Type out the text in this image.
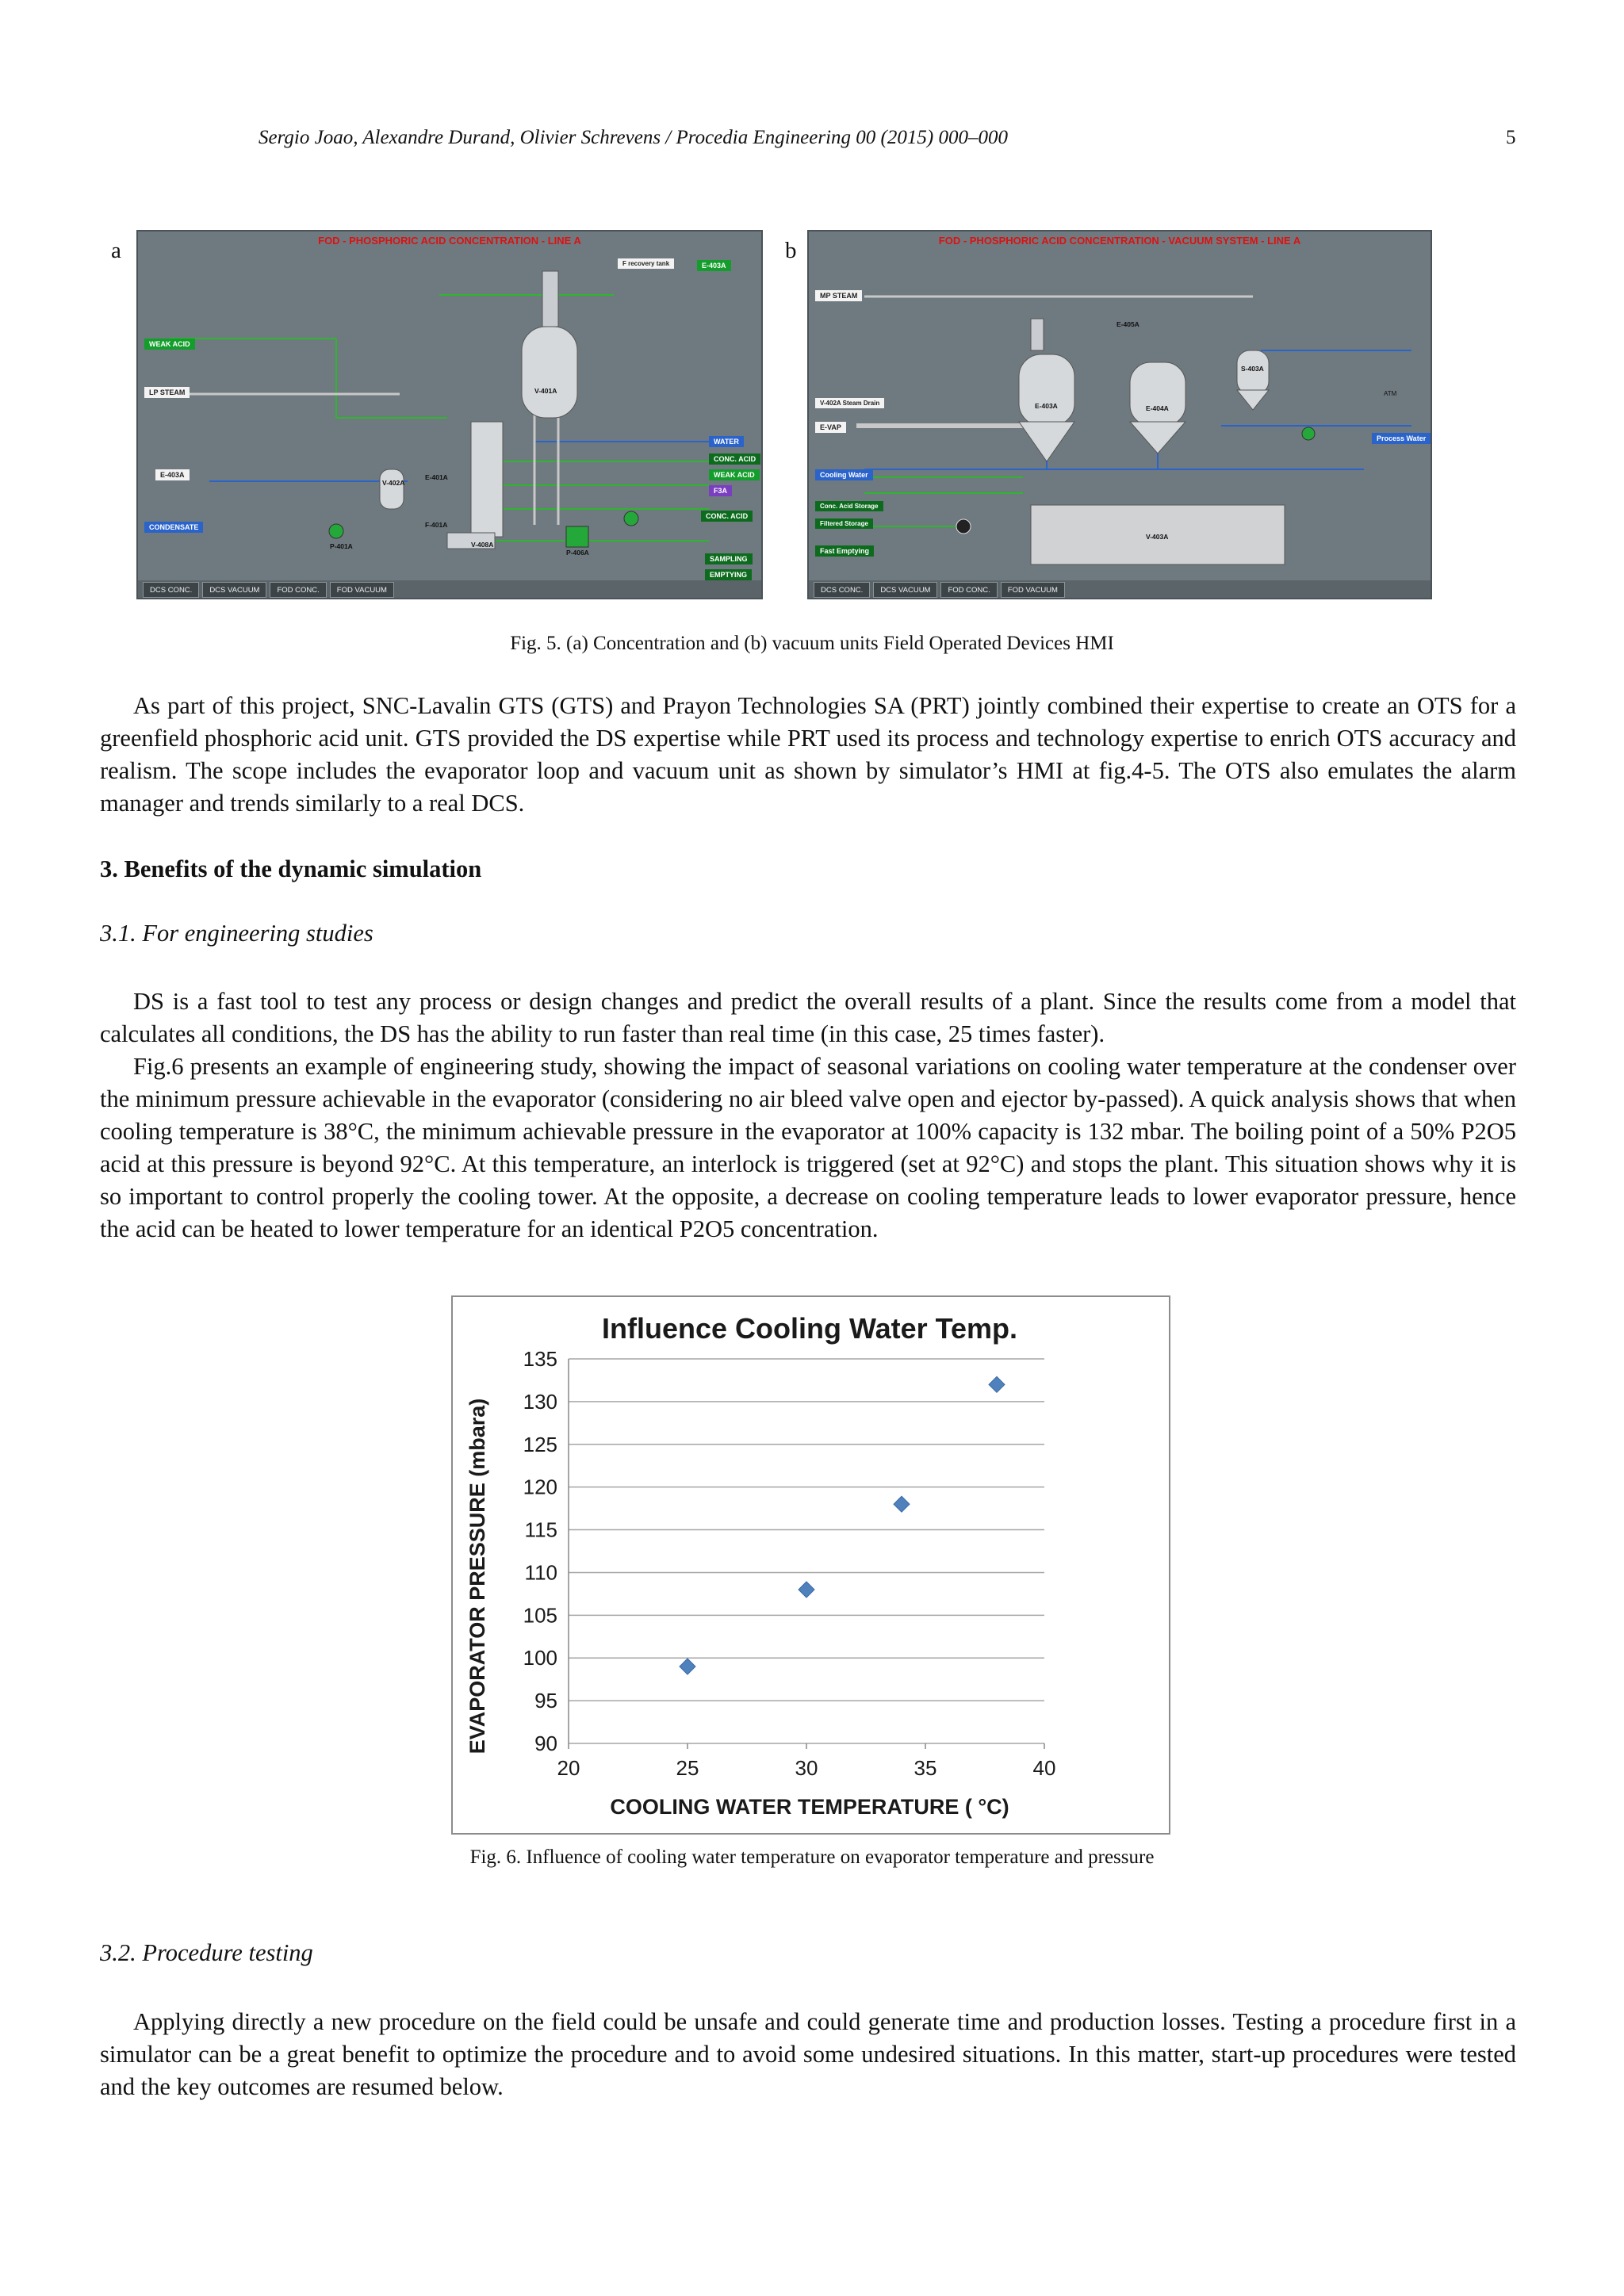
Sergio Joao, Alexandre Durand, Olivier Schrevens / Procedia Engineering 00 (2015) 000–000	5
a	FOD - PHOSPHORIC ACID CONCENTRATION - LINE A
WEAK ACID
LP STEAM
E-403A
CONDENSATE
WATER
CONC. ACID
WEAK ACID
F3A
CONC. ACID
SAMPLING
EMPTYING
E-403A
V-401A
E-401A
V-402A
F-401A
V-408A
P-401A
P-406A
F recovery tank
DCS CONC.	DCS VACUUM	FOD CONC.	FOD VACUUM
b	FOD - PHOSPHORIC ACID CONCENTRATION - VACUUM SYSTEM - LINE A
MP STEAM
V-402A Steam Drain
E-VAP
Cooling Water
Conc. Acid Storage
Filtered Storage
Fast Emptying
Process Water
ATM
E-403A	E-404A
E-405A
S-403A
V-403A
DCS CONC.	DCS VACUUM	FOD CONC.	FOD VACUUM
Fig. 5. (a) Concentration and (b) vacuum units Field Operated Devices HMI

As part of this project, SNC-Lavalin GTS (GTS) and Prayon Technologies SA (PRT) jointly combined their expertise to create an OTS for a greenfield phosphoric acid unit. GTS provided the DS expertise while PRT used its process and technology expertise to enrich OTS accuracy and realism. The scope includes the evaporator loop and vacuum unit as shown by simulator’s HMI at fig.4-5. The OTS also emulates the alarm manager and trends similarly to a real DCS.

3. Benefits of the dynamic simulation
3.1. For engineering studies

DS is a fast tool to test any process or design changes and predict the overall results of a plant. Since the results come from a model that calculates all conditions, the DS has the ability to run faster than real time (in this case, 25 times faster).

Fig.6 presents an example of engineering study, showing the impact of seasonal variations on cooling water temperature at the condenser over the minimum pressure achievable in the evaporator (considering no air bleed valve open and ejector by-passed). A quick analysis shows that when cooling temperature is 38°C, the minimum achievable pressure in the evaporator at 100% capacity is 132 mbar. The boiling point of a 50% P2O5 acid at this pressure is beyond 92°C. At this temperature, an interlock is triggered (set at 92°C) and stops the plant. This situation shows why it is so important to control properly the cooling tower. At the opposite, a decrease on cooling temperature leads to lower evaporator pressure, hence the acid can be heated to lower temperature for an identical P2O5 concentration.

Influence Cooling Water Temp.
EVAPORATOR PRESSURE (mbara)
COOLING WATER TEMPERATURE ( °C)
90
95
100
105
110
115
120
125
130
135
20	25	30	35	40
Fig. 6. Influence of cooling water temperature on evaporator temperature and pressure
3.2. Procedure testing

Applying directly a new procedure on the field could be unsafe and could generate time and production losses. Testing a procedure first in a simulator can be a great benefit to optimize the procedure and to avoid some undesired situations. In this matter, start-up procedures were tested and the key outcomes are resumed below.
